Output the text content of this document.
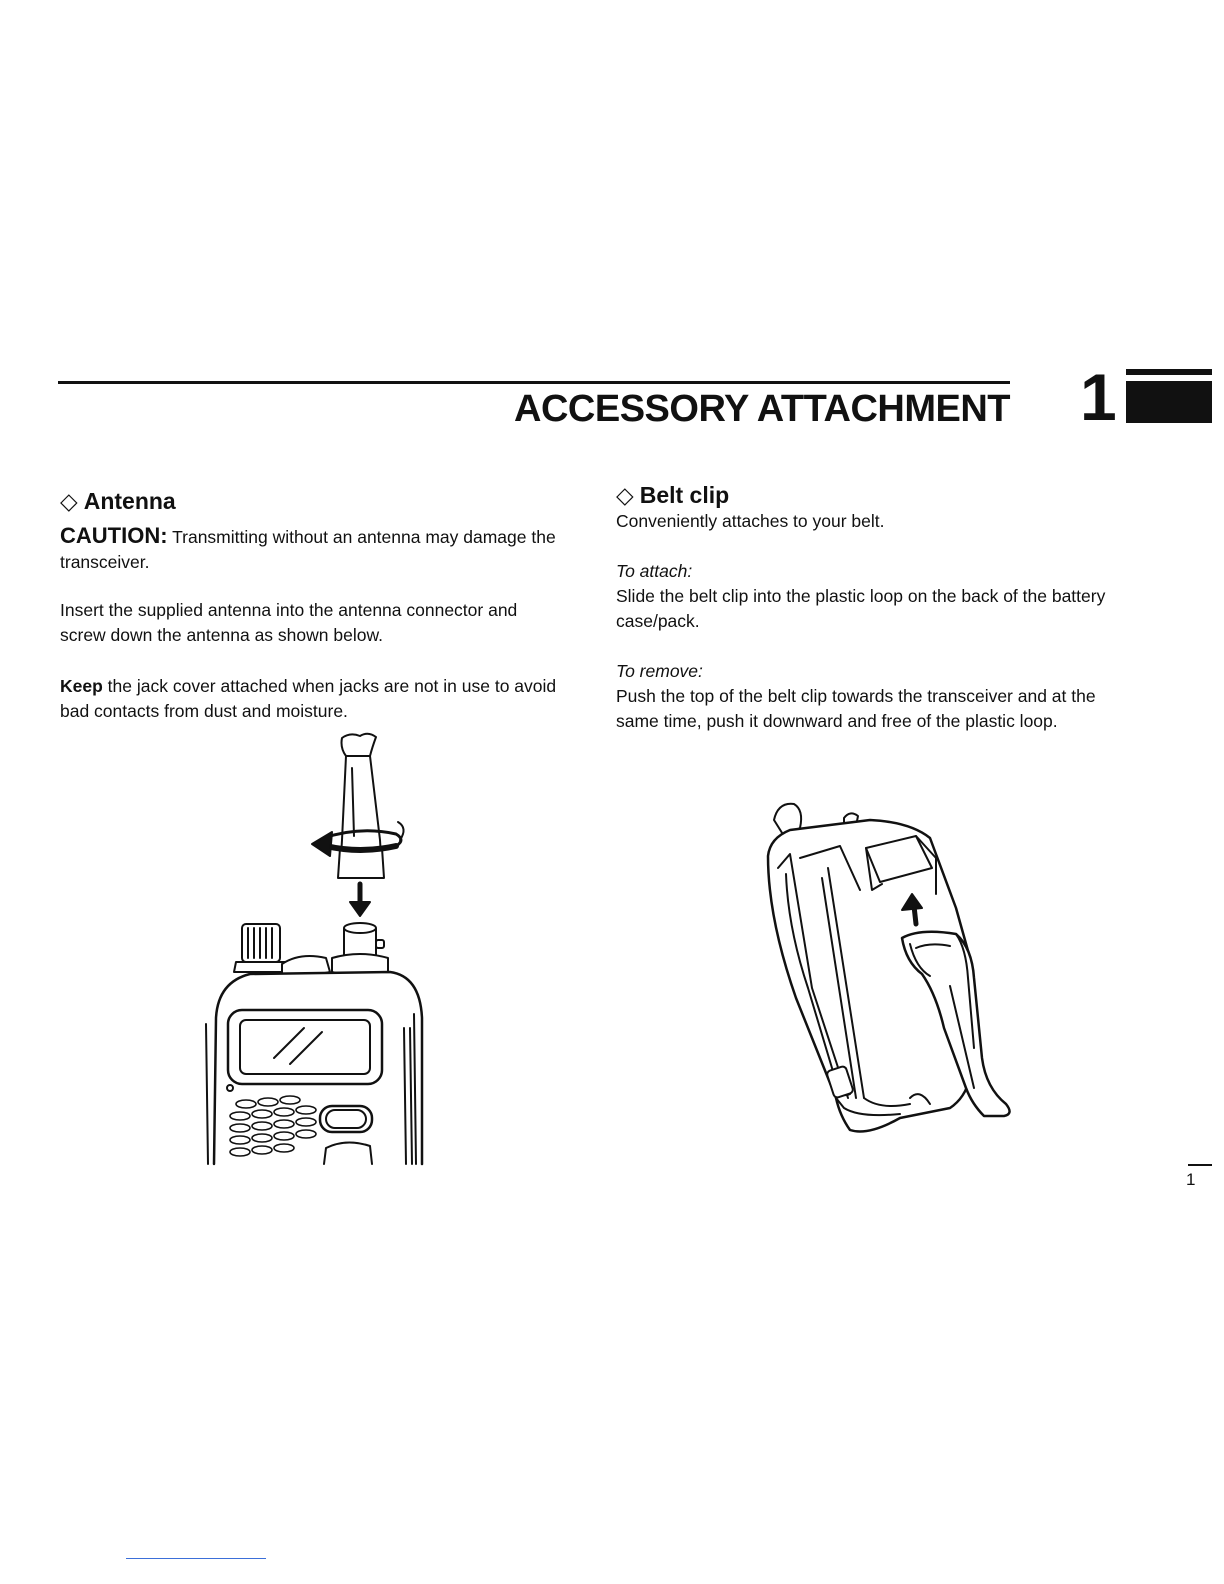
ACCESSORY ATTACHMENT 1
◇ Antenna

CAUTION: Transmitting without an antenna may damage the transceiver.

Insert the supplied antenna into the antenna connector and screw down the antenna as shown below.

Keep the jack cover attached when jacks are not in use to avoid bad contacts from dust and moisture.

◇ Belt clip

Conveniently attaches to your belt.

To attach:

Slide the belt clip into the plastic loop on the back of the battery case/pack.

To remove:

Push the top of the belt clip towards the transceiver and at the same time, push it downward and free of the plastic loop.

1
